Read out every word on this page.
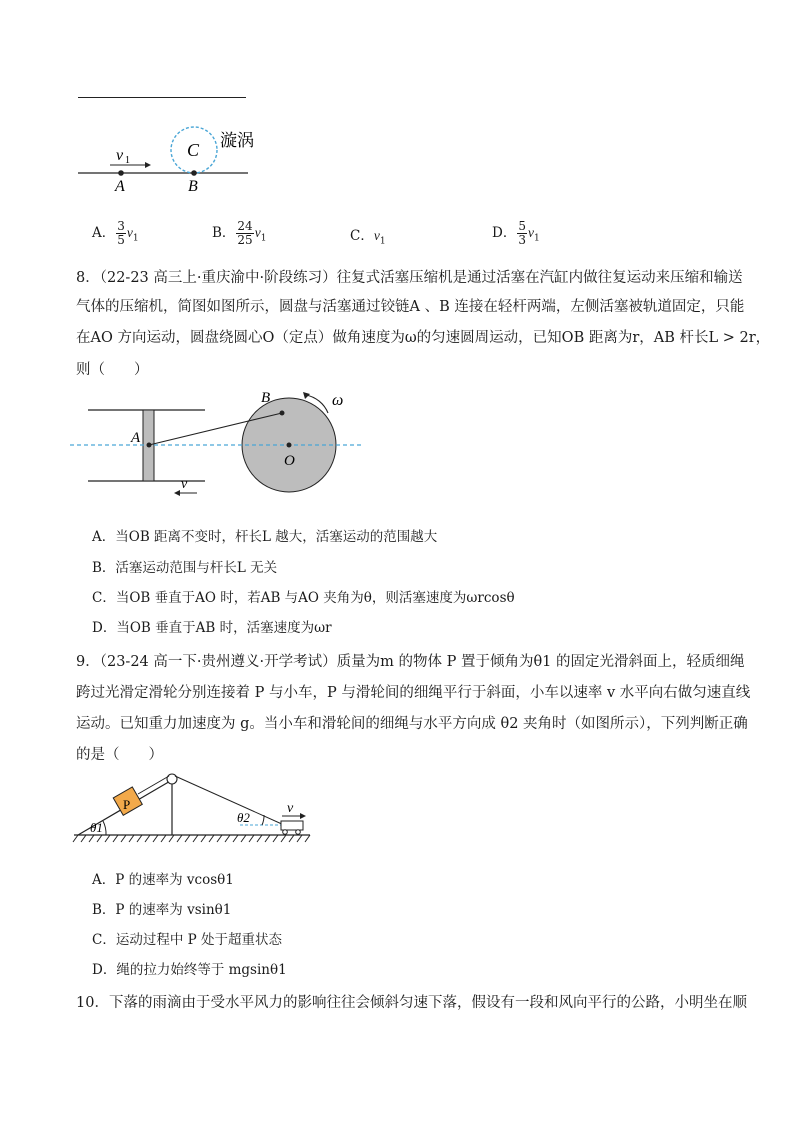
v 1
A	B
C 漩涡
A． $\frac{3}{5} v_1$	B． $\frac{24}{25} v_1$	C．$v_1$
D． $\frac{5}{3} v_1$
8．（22-23 高三上·重庆渝中·阶段练习）往复式活塞压缩机是通过活塞在汽缸内做往复运动来压缩和输送
气体的压缩机，简图如图所示，圆盘与活塞通过铰链A 、B 连接在轻杆两端，左侧活塞被轨道固定，只能
在AO 方向运动，圆盘绕圆心O（定点）做角速度为ω的匀速圆周运动，已知OB 距离为r，AB 杆长L > 2r，
则（　　）
A
B
O
ω
v
A．当OB 距离不变时，杆长L 越大，活塞运动的范围越大
B．活塞运动范围与杆长L 无关
C．当OB 垂直于AO 时，若AB 与AO 夹角为θ，则活塞速度为ωrcosθ
D．当OB 垂直于AB 时，活塞速度为ωr
9．（23-24 高一下·贵州遵义·开学考试）质量为m 的物体 P 置于倾角为θ1 的固定光滑斜面上，轻质细绳
跨过光滑定滑轮分别连接着 P 与小车，P 与滑轮间的细绳平行于斜面，小车以速率 v 水平向右做匀速直线
运动。已知重力加速度为 g。当小车和滑轮间的细绳与水平方向成 θ2 夹角时（如图所示），下列判断正确
的是（　　）
P
θ1
θ2
v
A．P 的速率为 vcosθ1
B．P 的速率为 vsinθ1
C．运动过程中 P 处于超重状态
D．绳的拉力始终等于 mgsinθ1
10．下落的雨滴由于受水平风力的影响往往会倾斜匀速下落，假设有一段和风向平行的公路，小明坐在顺
